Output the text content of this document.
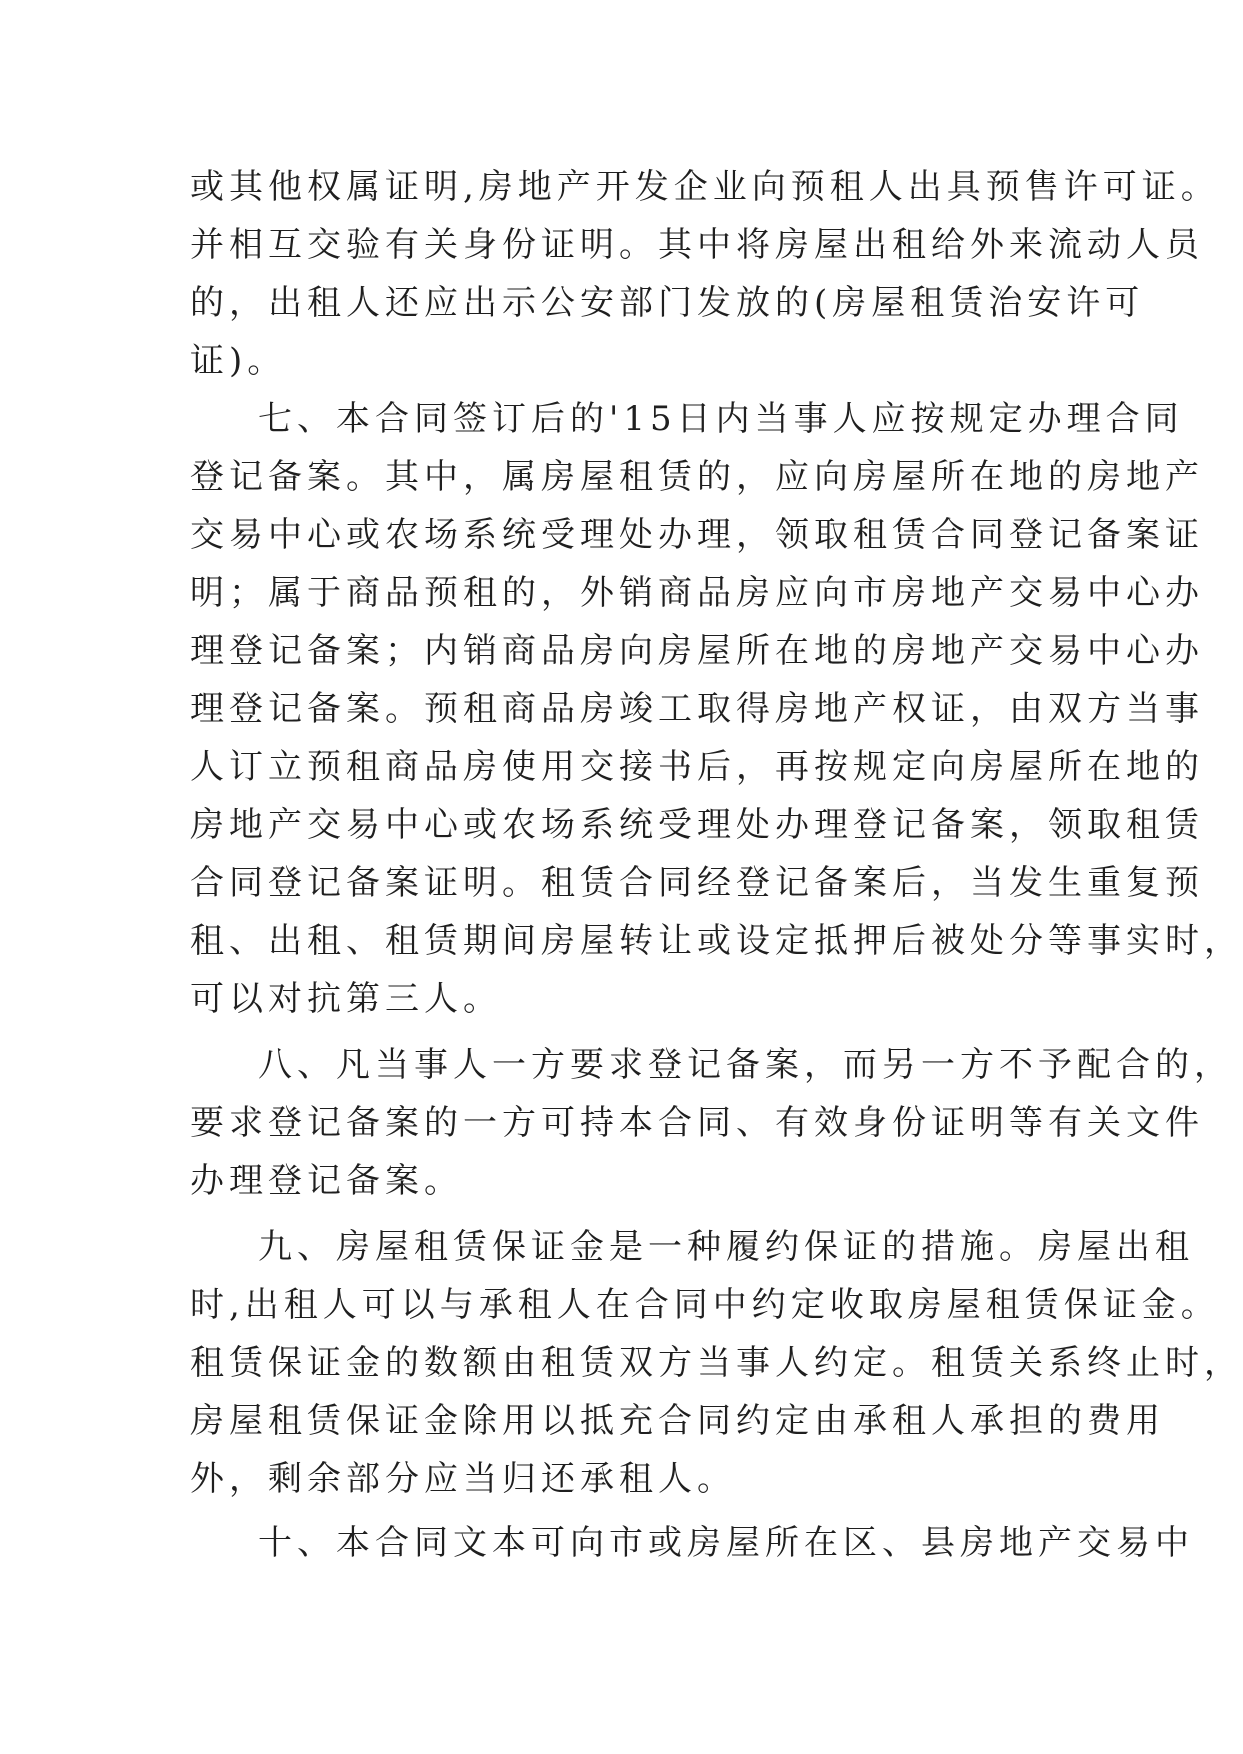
或其他权属证明,房地产开发企业向预租人出具预售许可证。
并相互交验有关身份证明。其中将房屋出租给外来流动人员
的，出租人还应出示公安部门发放的(房屋租赁治安许可
证)。
七、本合同签订后的'15日内当事人应按规定办理合同
登记备案。其中，属房屋租赁的，应向房屋所在地的房地产
交易中心或农场系统受理处办理，领取租赁合同登记备案证
明；属于商品预租的，外销商品房应向市房地产交易中心办
理登记备案；内销商品房向房屋所在地的房地产交易中心办
理登记备案。预租商品房竣工取得房地产权证，由双方当事
人订立预租商品房使用交接书后，再按规定向房屋所在地的
房地产交易中心或农场系统受理处办理登记备案，领取租赁
合同登记备案证明。租赁合同经登记备案后，当发生重复预
租、出租、租赁期间房屋转让或设定抵押后被处分等事实时，
可以对抗第三人。
八、凡当事人一方要求登记备案，而另一方不予配合的，
要求登记备案的一方可持本合同、有效身份证明等有关文件
办理登记备案。
九、房屋租赁保证金是一种履约保证的措施。房屋出租
时,出租人可以与承租人在合同中约定收取房屋租赁保证金。
租赁保证金的数额由租赁双方当事人约定。租赁关系终止时，
房屋租赁保证金除用以抵充合同约定由承租人承担的费用
外，剩余部分应当归还承租人。
十、本合同文本可向市或房屋所在区、县房地产交易中
